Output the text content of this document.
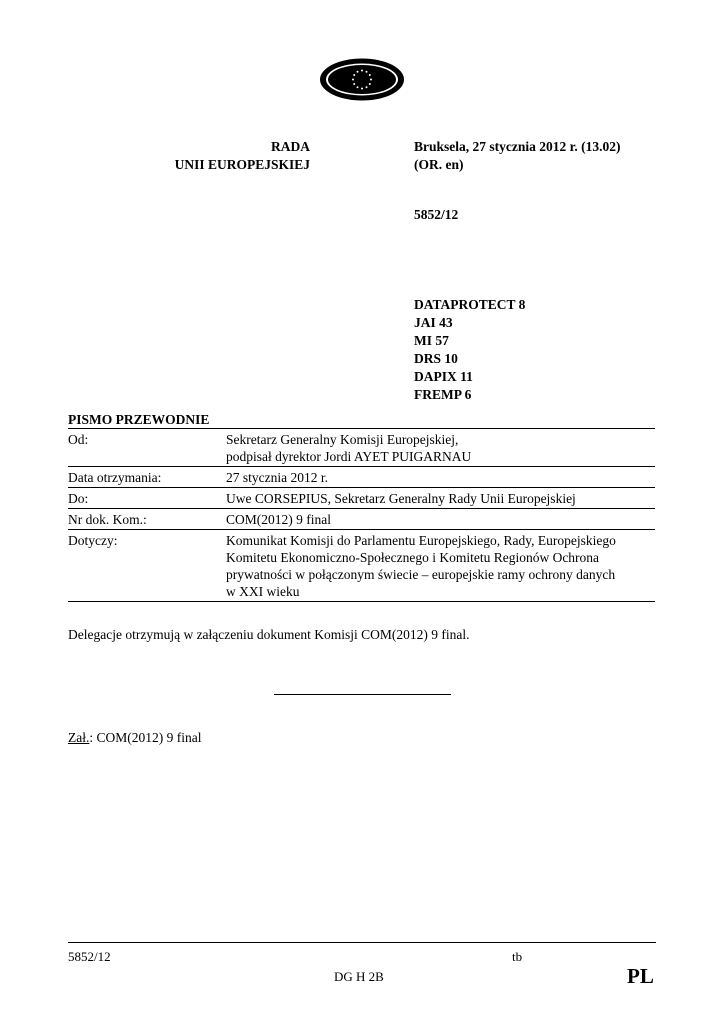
RADA
UNII EUROPEJSKIEJ
Bruksela, 27 stycznia 2012 r. (13.02)
(OR. en)
5852/12
DATAPROTECT 8
JAI 43
MI 57
DRS 10
DAPIX 11
FREMP 6
PISMO PRZEWODNIE
Od:	Sekretarz Generalny Komisji Europejskiej,
podpisał dyrektor Jordi AYET PUIGARNAU
Data otrzymania:	27 stycznia 2012 r.
Do:	Uwe CORSEPIUS, Sekretarz Generalny Rady Unii Europejskiej
Nr dok. Kom.:	COM(2012) 9 final
Dotyczy:	Komunikat Komisji do Parlamentu Europejskiego, Rady, Europejskiego
Komitetu Ekonomiczno-Społecznego i Komitetu Regionów Ochrona
prywatności w połączonym świecie – europejskie ramy ochrony danych
w XXI wieku
Delegacje otrzymują w załączeniu dokument Komisji COM(2012) 9 final.
Zał.: COM(2012) 9 final
5852/12	tb
DG H 2B	PL
